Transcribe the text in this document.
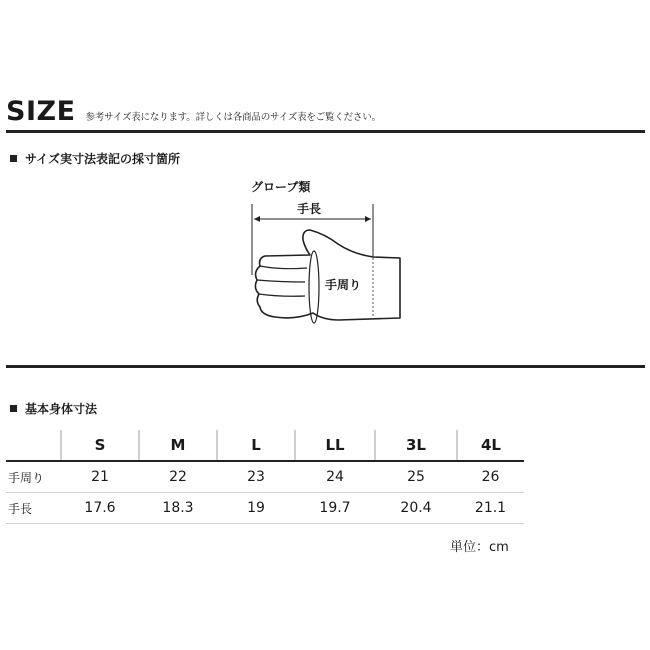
SIZE 参考サイズ表になります。詳しくは各商品のサイズ表をご覧ください。
サイズ実寸法表記の採寸箇所
グローブ類
手長
手周り
基本身体寸法
	S	M	L	LL	3L	4L
手周り	21	22	23	24	25	26
手長	17.6	18.3	19	19.7	20.4	21.1
単位：cm
